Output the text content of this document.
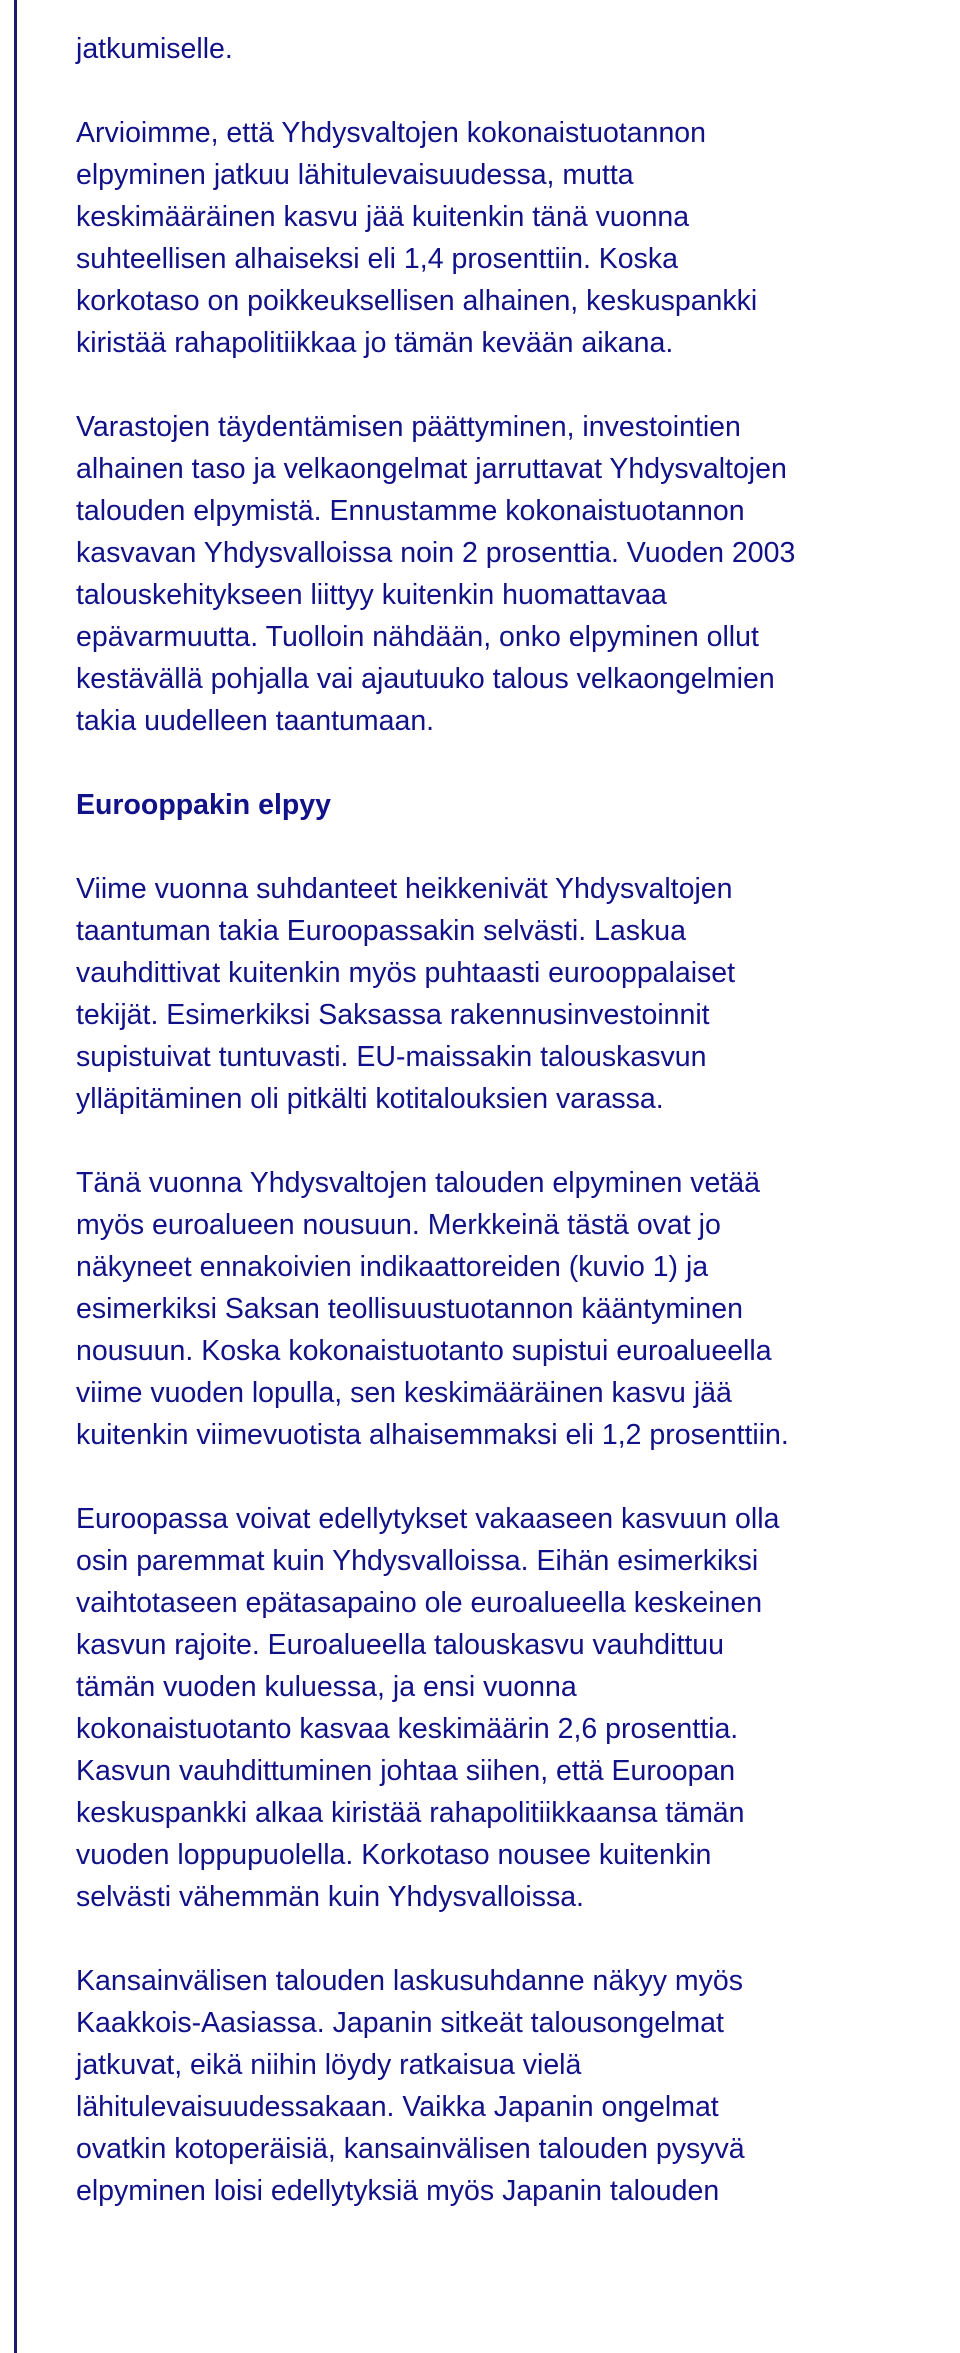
jatkumiselle.

Arvioimme, että Yhdysvaltojen kokonaistuotannon
elpyminen jatkuu lähitulevaisuudessa, mutta
keskimääräinen kasvu jää kuitenkin tänä vuonna
suhteellisen alhaiseksi eli 1,4 prosenttiin. Koska
korkotaso on poikkeuksellisen alhainen, keskuspankki
kiristää rahapolitiikkaa jo tämän kevään aikana.

Varastojen täydentämisen päättyminen, investointien
alhainen taso ja velkaongelmat jarruttavat Yhdysvaltojen
talouden elpymistä. Ennustamme kokonaistuotannon
kasvavan Yhdysvalloissa noin 2 prosenttia. Vuoden 2003
talouskehitykseen liittyy kuitenkin huomattavaa
epävarmuutta. Tuolloin nähdään, onko elpyminen ollut
kestävällä pohjalla vai ajautuuko talous velkaongelmien
takia uudelleen taantumaan.

Eurooppakin elpyy

Viime vuonna suhdanteet heikkenivät Yhdysvaltojen
taantuman takia Euroopassakin selvästi. Laskua
vauhdittivat kuitenkin myös puhtaasti eurooppalaiset
tekijät. Esimerkiksi Saksassa rakennusinvestoinnit
supistuivat tuntuvasti. EU-maissakin talouskasvun
ylläpitäminen oli pitkälti kotitalouksien varassa.

Tänä vuonna Yhdysvaltojen talouden elpyminen vetää
myös euroalueen nousuun. Merkkeinä tästä ovat jo
näkyneet ennakoivien indikaattoreiden (kuvio 1) ja
esimerkiksi Saksan teollisuustuotannon kääntyminen
nousuun. Koska kokonaistuotanto supistui euroalueella
viime vuoden lopulla, sen keskimääräinen kasvu jää
kuitenkin viimevuotista alhaisemmaksi eli 1,2 prosenttiin.

Euroopassa voivat edellytykset vakaaseen kasvuun olla
osin paremmat kuin Yhdysvalloissa. Eihän esimerkiksi
vaihtotaseen epätasapaino ole euroalueella keskeinen
kasvun rajoite. Euroalueella talouskasvu vauhdittuu
tämän vuoden kuluessa, ja ensi vuonna
kokonaistuotanto kasvaa keskimäärin 2,6 prosenttia.
Kasvun vauhdittuminen johtaa siihen, että Euroopan
keskuspankki alkaa kiristää rahapolitiikkaansa tämän
vuoden loppupuolella. Korkotaso nousee kuitenkin
selvästi vähemmän kuin Yhdysvalloissa.

Kansainvälisen talouden laskusuhdanne näkyy myös
Kaakkois-Aasiassa. Japanin sitkeät talousongelmat
jatkuvat, eikä niihin löydy ratkaisua vielä
lähitulevaisuudessakaan. Vaikka Japanin ongelmat
ovatkin kotoperäisiä, kansainvälisen talouden pysyvä
elpyminen loisi edellytyksiä myös Japanin talouden
